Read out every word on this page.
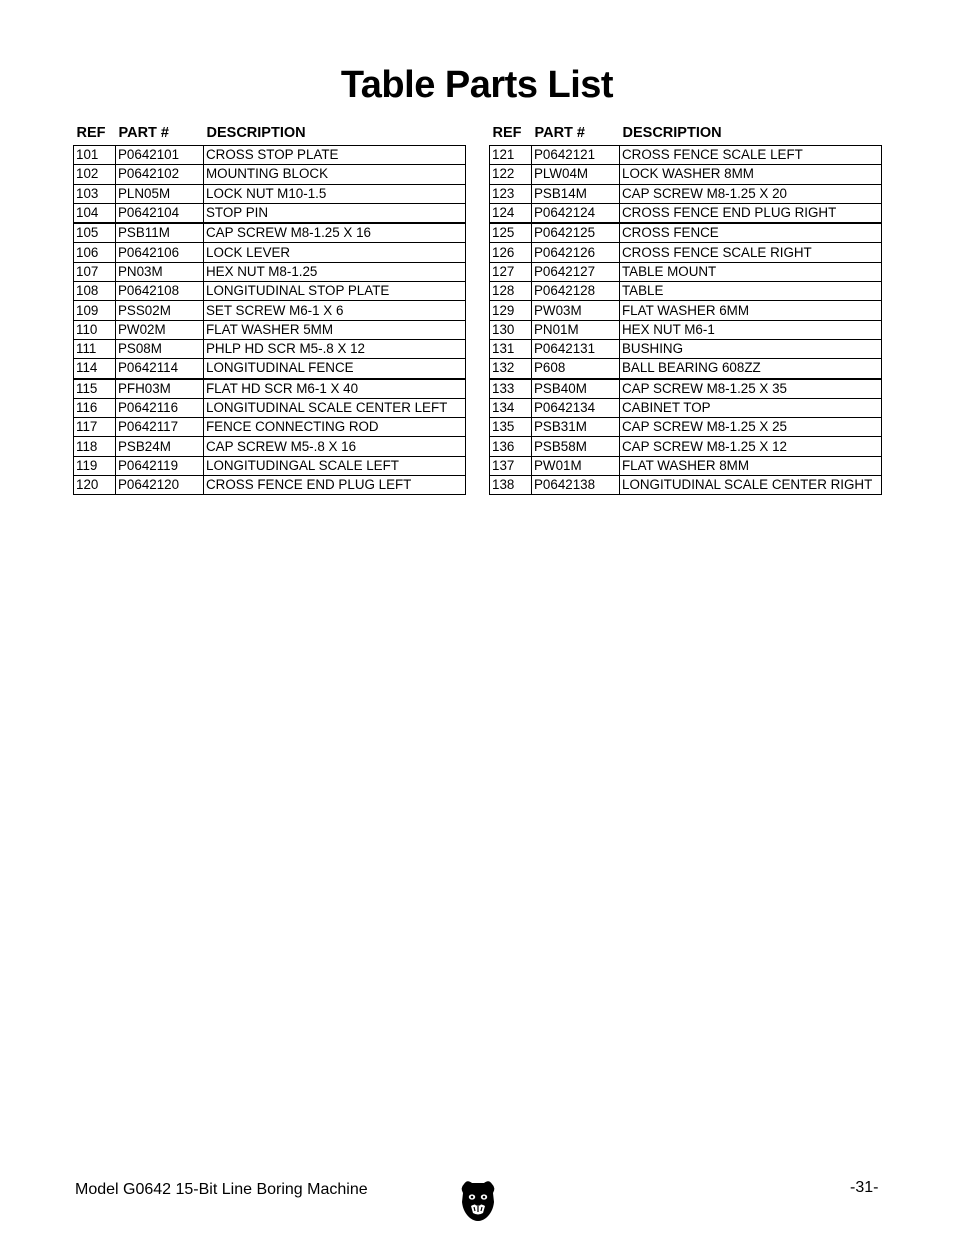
Table Parts List
REF	PART #	DESCRIPTION
101	P0642101	CROSS STOP PLATE
102	P0642102	MOUNTING BLOCK
103	PLN05M	LOCK NUT M10-1.5
104	P0642104	STOP PIN
105	PSB11M	CAP SCREW M8-1.25 X 16
106	P0642106	LOCK LEVER
107	PN03M	HEX NUT M8-1.25
108	P0642108	LONGITUDINAL STOP PLATE
109	PSS02M	SET SCREW M6-1 X 6
110	PW02M	FLAT WASHER 5MM
111	PS08M	PHLP HD SCR M5-.8 X 12
114	P0642114	LONGITUDINAL FENCE
115	PFH03M	FLAT HD SCR M6-1 X 40
116	P0642116	LONGITUDINAL SCALE CENTER LEFT
117	P0642117	FENCE CONNECTING ROD
118	PSB24M	CAP SCREW M5-.8 X 16
119	P0642119	LONGITUDINGAL SCALE LEFT
120	P0642120	CROSS FENCE END PLUG LEFT
REF	PART #	DESCRIPTION
121	P0642121	CROSS FENCE SCALE LEFT
122	PLW04M	LOCK WASHER 8MM
123	PSB14M	CAP SCREW M8-1.25 X 20
124	P0642124	CROSS FENCE END PLUG RIGHT
125	P0642125	CROSS FENCE
126	P0642126	CROSS FENCE SCALE RIGHT
127	P0642127	TABLE MOUNT
128	P0642128	TABLE
129	PW03M	FLAT WASHER 6MM
130	PN01M	HEX NUT M6-1
131	P0642131	BUSHING
132	P608	BALL BEARING 608ZZ
133	PSB40M	CAP SCREW M8-1.25 X 35
134	P0642134	CABINET TOP
135	PSB31M	CAP SCREW M8-1.25 X 25
136	PSB58M	CAP SCREW M8-1.25 X 12
137	PW01M	FLAT WASHER 8MM
138	P0642138	LONGITUDINAL SCALE CENTER RIGHT
Model G0642 15-Bit Line Boring Machine	-31-
